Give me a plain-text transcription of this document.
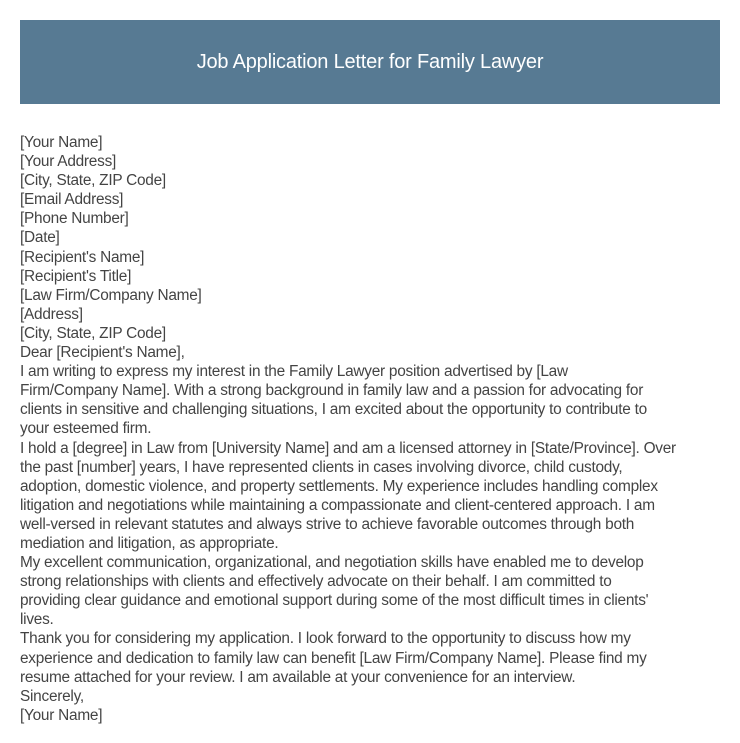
Job Application Letter for Family Lawyer
[Your Name]
[Your Address]
[City, State, ZIP Code]
[Email Address]
[Phone Number]
[Date]
[Recipient's Name]
[Recipient's Title]
[Law Firm/Company Name]
[Address]
[City, State, ZIP Code]
Dear [Recipient's Name],
I am writing to express my interest in the Family Lawyer position advertised by [Law
Firm/Company Name]. With a strong background in family law and a passion for advocating for
clients in sensitive and challenging situations, I am excited about the opportunity to contribute to
your esteemed firm.
I hold a [degree] in Law from [University Name] and am a licensed attorney in [State/Province]. Over
the past [number] years, I have represented clients in cases involving divorce, child custody,
adoption, domestic violence, and property settlements. My experience includes handling complex
litigation and negotiations while maintaining a compassionate and client-centered approach. I am
well-versed in relevant statutes and always strive to achieve favorable outcomes through both
mediation and litigation, as appropriate.
My excellent communication, organizational, and negotiation skills have enabled me to develop
strong relationships with clients and effectively advocate on their behalf. I am committed to
providing clear guidance and emotional support during some of the most difficult times in clients'
lives.
Thank you for considering my application. I look forward to the opportunity to discuss how my
experience and dedication to family law can benefit [Law Firm/Company Name]. Please find my
resume attached for your review. I am available at your convenience for an interview.
Sincerely,
[Your Name]
